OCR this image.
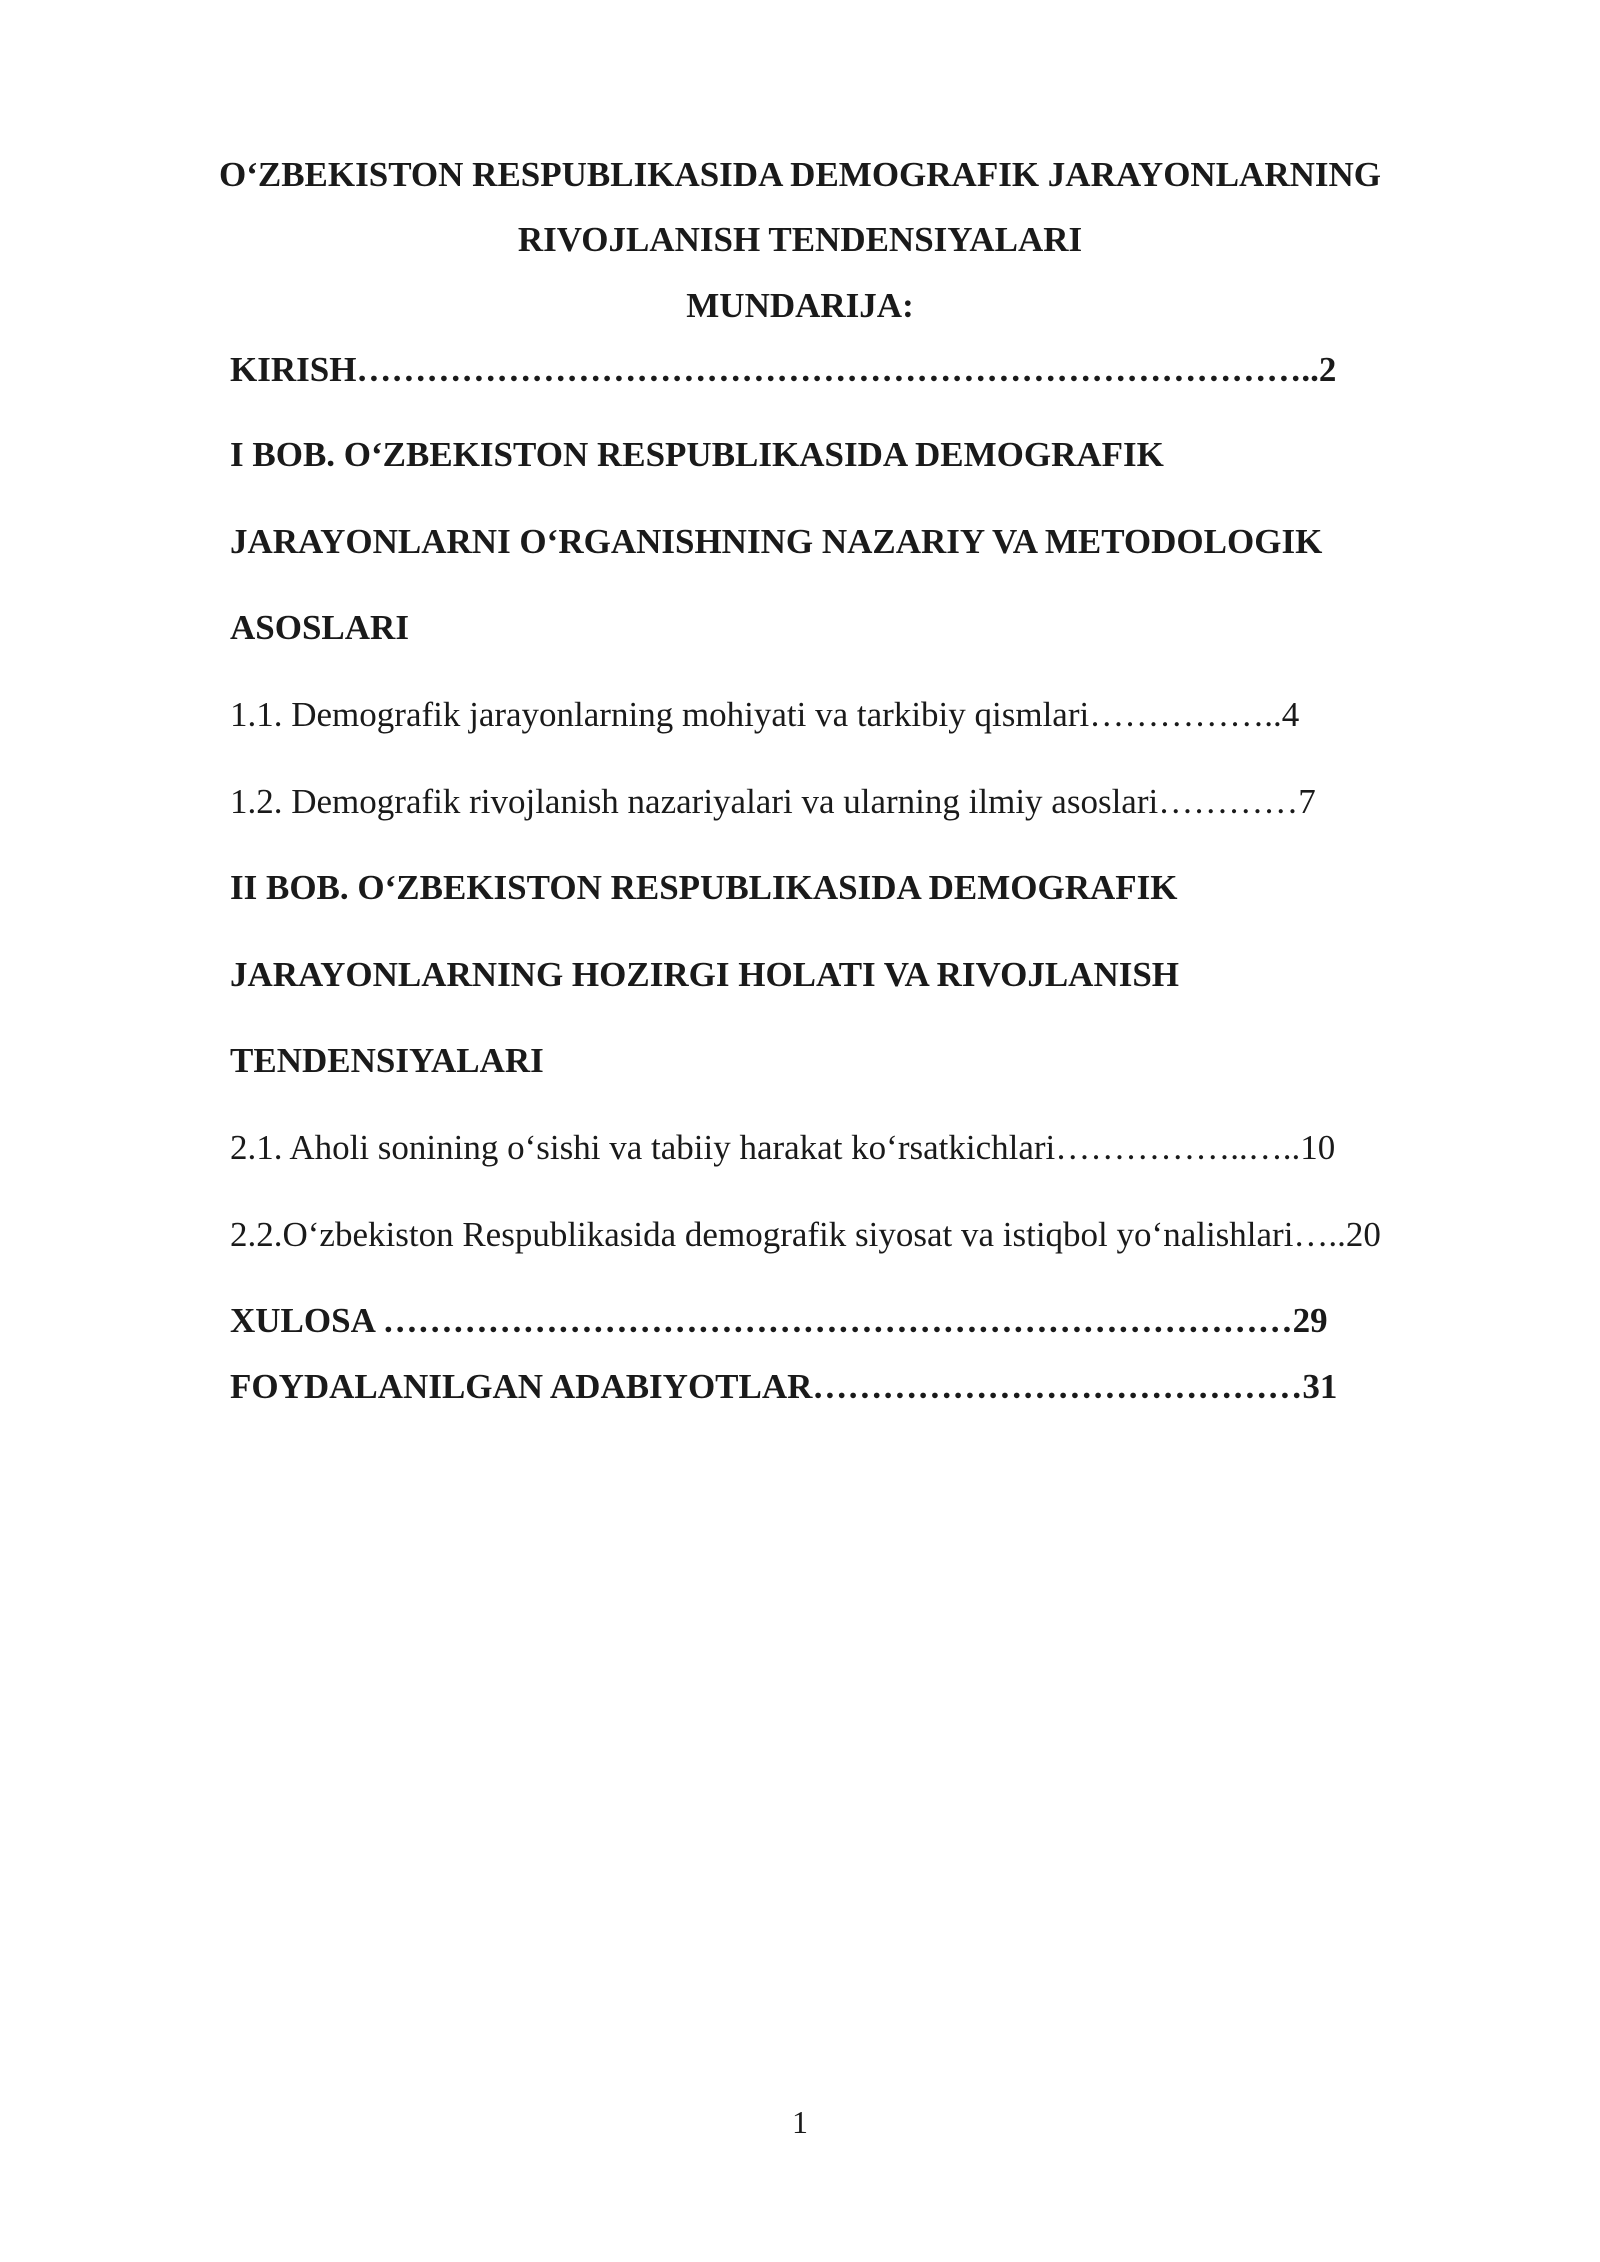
O‘ZBEKISTON RESPUBLIKASIDA DEMOGRAFIK JARAYONLARNING
RIVOJLANISH TENDENSIYALARI
MUNDARIJA:
KIRISH………………………………………………………………………..2
I BOB. O‘ZBEKISTON RESPUBLIKASIDA DEMOGRAFIK
JARAYONLARNI O‘RGANISHNING NAZARIY VA METODOLOGIK
ASOSLARI
1.1. Demografik jarayonlarning mohiyati va tarkibiy qismlari……………..4
1.2. Demografik rivojlanish nazariyalari va ularning ilmiy asoslari…………7
II BOB. O‘ZBEKISTON RESPUBLIKASIDA DEMOGRAFIK
JARAYONLARNING HOZIRGI HOLATI VA RIVOJLANISH
TENDENSIYALARI
2.1. Aholi sonining o‘sishi va tabiiy harakat ko‘rsatkichlari……………..…..10
2.2.O‘zbekiston Respublikasida demografik siyosat va istiqbol yo‘nalishlari…..20
XULOSA ……………………………………………………………………29
FOYDALANILGAN ADABIYOTLAR……………………………………31
1
